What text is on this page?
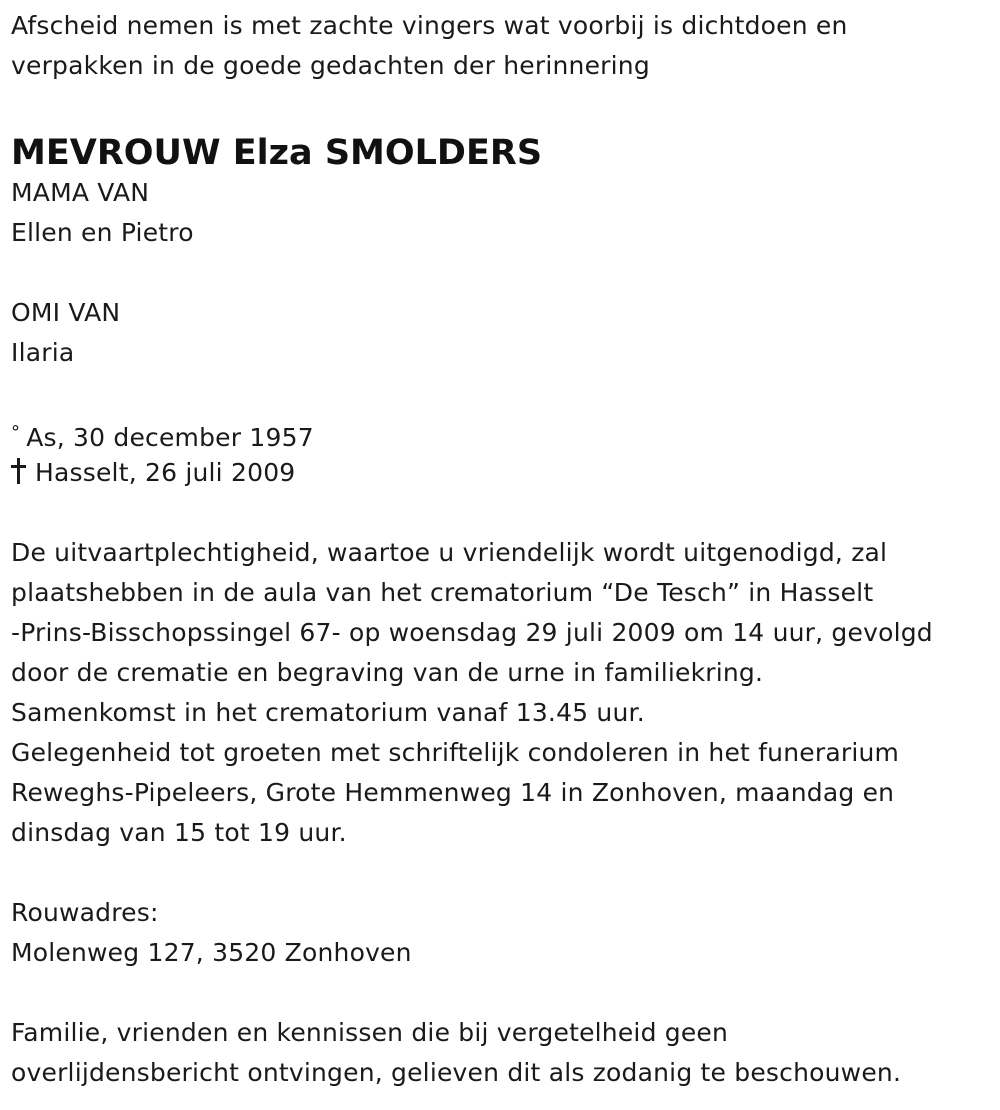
Afscheid nemen is met zachte vingers wat voorbij is dichtdoen en
verpakken in de goede gedachten der herinnering
MEVROUW Elza SMOLDERS
MAMA VAN
Ellen en Pietro
OMI VAN
Ilaria
° As, 30 december 1957
Hasselt, 26 juli 2009
De uitvaartplechtigheid, waartoe u vriendelijk wordt uitgenodigd, zal
plaatshebben in de aula van het crematorium “De Tesch” in Hasselt
-Prins-Bisschopssingel 67- op woensdag 29 juli 2009 om 14 uur, gevolgd
door de crematie en begraving van de urne in familiekring.
Samenkomst in het crematorium vanaf 13.45 uur.
Gelegenheid tot groeten met schriftelijk condoleren in het funerarium
Reweghs-Pipeleers, Grote Hemmenweg 14 in Zonhoven, maandag en
dinsdag van 15 tot 19 uur.
Rouwadres:
Molenweg 127, 3520 Zonhoven
Familie, vrienden en kennissen die bij vergetelheid geen
overlijdensbericht ontvingen, gelieven dit als zodanig te beschouwen.
